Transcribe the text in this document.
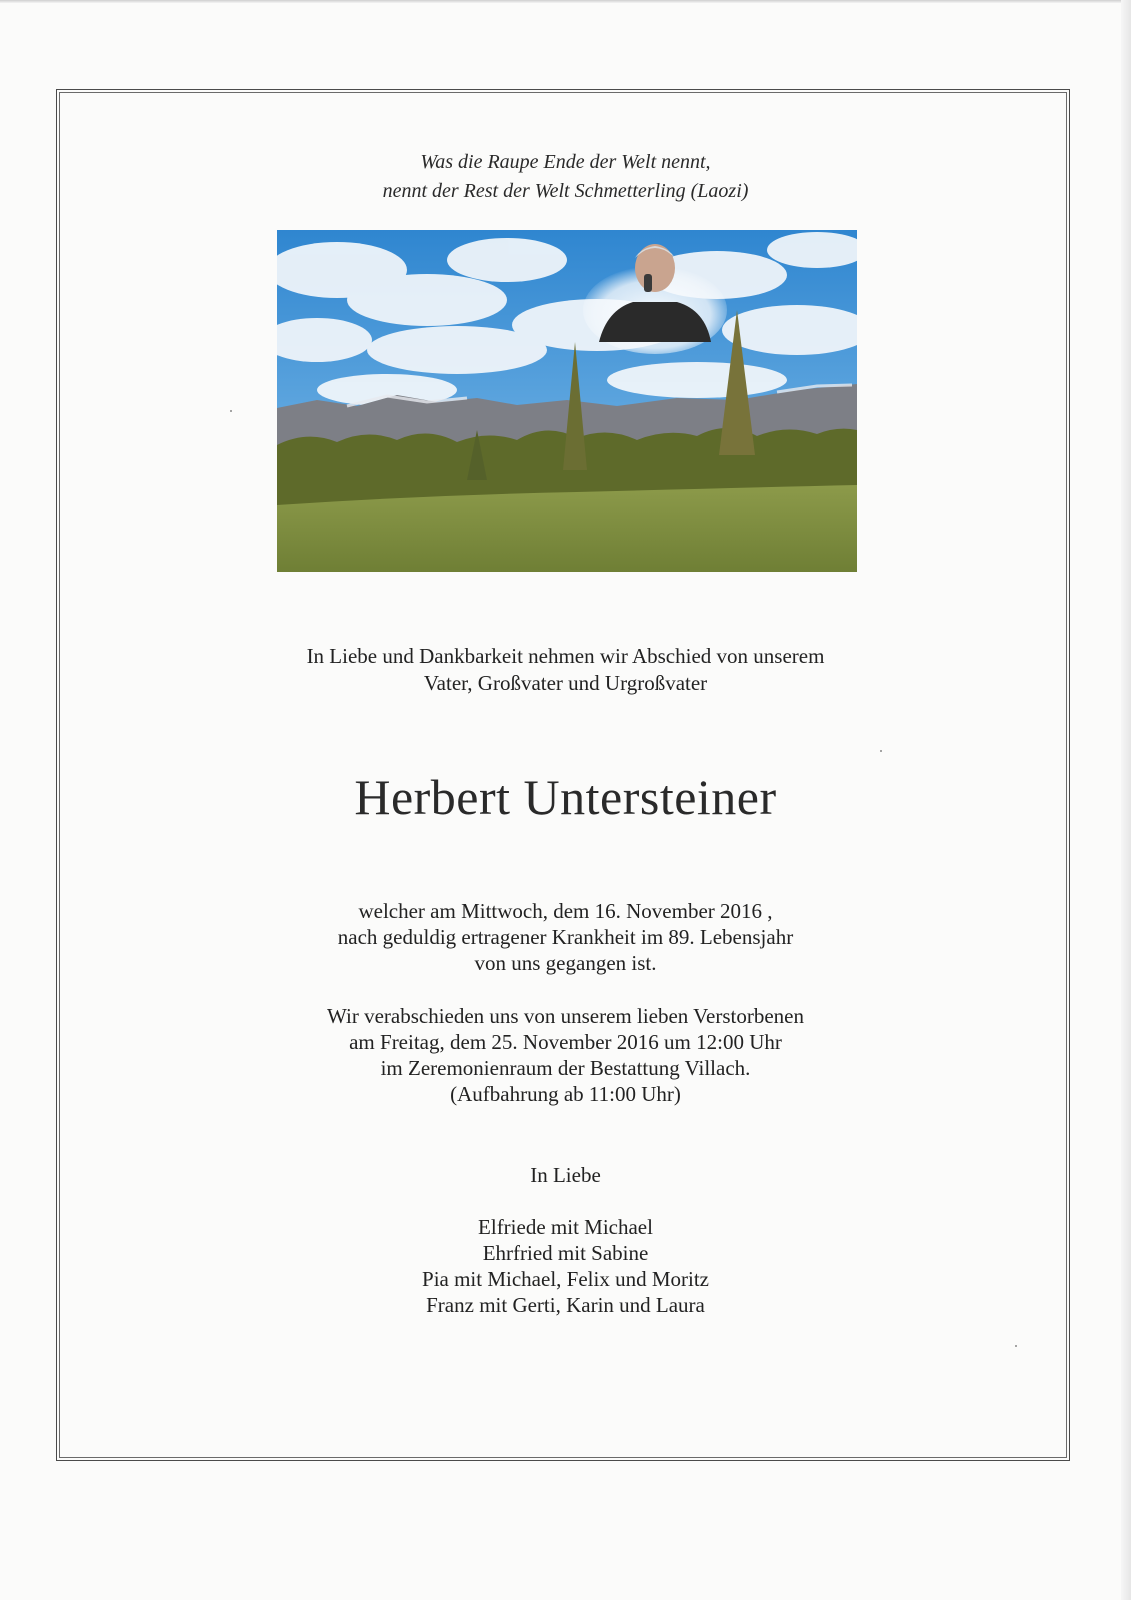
Was die Raupe Ende der Welt nennt,
nennt der Rest der Welt Schmetterling (Laozi)
In Liebe und Dankbarkeit nehmen wir Abschied von unserem
Vater, Großvater und Urgroßvater
Herbert Untersteiner
welcher am Mittwoch, dem 16. November 2016 ,
nach geduldig ertragener Krankheit im 89. Lebensjahr
von uns gegangen ist.
Wir verabschieden uns von unserem lieben Verstorbenen
am Freitag, dem 25. November 2016 um 12:00 Uhr
im Zeremonienraum der Bestattung Villach.
(Aufbahrung ab 11:00 Uhr)
In Liebe
Elfriede mit Michael
Ehrfried mit Sabine
Pia mit Michael, Felix und Moritz
Franz mit Gerti, Karin und Laura
